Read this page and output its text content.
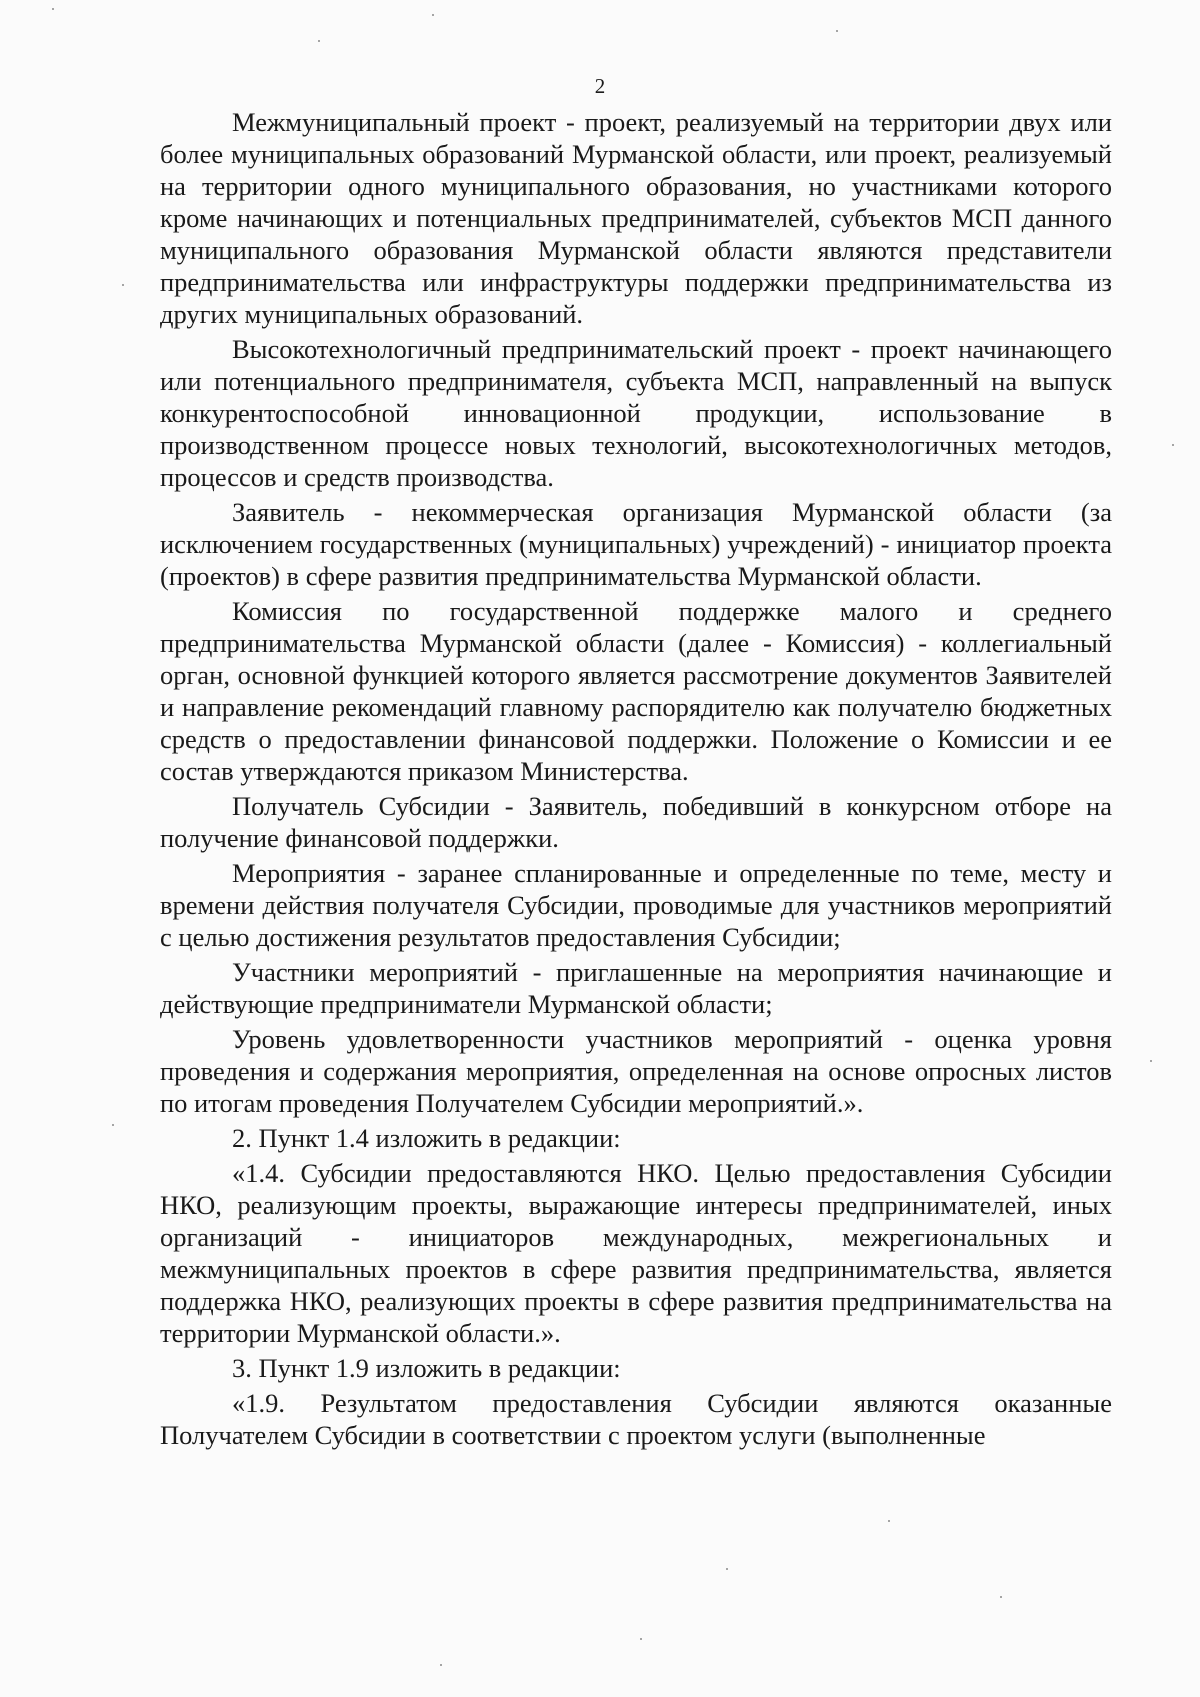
2

Межмуниципальный проект - проект, реализуемый на территории двух или более муниципальных образований Мурманской области, или проект, реализуемый на территории одного муниципального образования, но участниками которого кроме начинающих и потенциальных предпринимателей, субъектов МСП данного муниципального образования Мурманской области являются представители предпринимательства или инфраструктуры поддержки предпринимательства из других муниципальных образований.

Высокотехнологичный предпринимательский проект - проект начинающего или потенциального предпринимателя, субъекта МСП, направленный на выпуск конкурентоспособной инновационной продукции, использование в производственном процессе новых технологий, высокотехнологичных методов, процессов и средств производства.

Заявитель - некоммерческая организация Мурманской области (за исключением государственных (муниципальных) учреждений) - инициатор проекта (проектов) в сфере развития предпринимательства Мурманской области.

Комиссия по государственной поддержке малого и среднего предпринимательства Мурманской области (далее - Комиссия) - коллегиальный орган, основной функцией которого является рассмотрение документов Заявителей и направление рекомендаций главному распорядителю как получателю бюджетных средств о предоставлении финансовой поддержки. Положение о Комиссии и ее состав утверждаются приказом Министерства.

Получатель Субсидии - Заявитель, победивший в конкурсном отборе на получение финансовой поддержки.

Мероприятия - заранее спланированные и определенные по теме, месту и времени действия получателя Субсидии, проводимые для участников мероприятий с целью достижения результатов предоставления Субсидии;

Участники мероприятий - приглашенные на мероприятия начинающие и действующие предприниматели Мурманской области;

Уровень удовлетворенности участников мероприятий - оценка уровня проведения и содержания мероприятия, определенная на основе опросных листов по итогам проведения Получателем Субсидии мероприятий.».

2. Пункт 1.4 изложить в редакции:

«1.4. Субсидии предоставляются НКО. Целью предоставления Субсидии НКО, реализующим проекты, выражающие интересы предпринимателей, иных организаций - инициаторов международных, межрегиональных и межмуниципальных проектов в сфере развития предпринимательства, является поддержка НКО, реализующих проекты в сфере развития предпринимательства на территории Мурманской области.».

3. Пункт 1.9 изложить в редакции:

«1.9. Результатом предоставления Субсидии являются оказанные Получателем Субсидии в соответствии с проектом услуги (выполненные
